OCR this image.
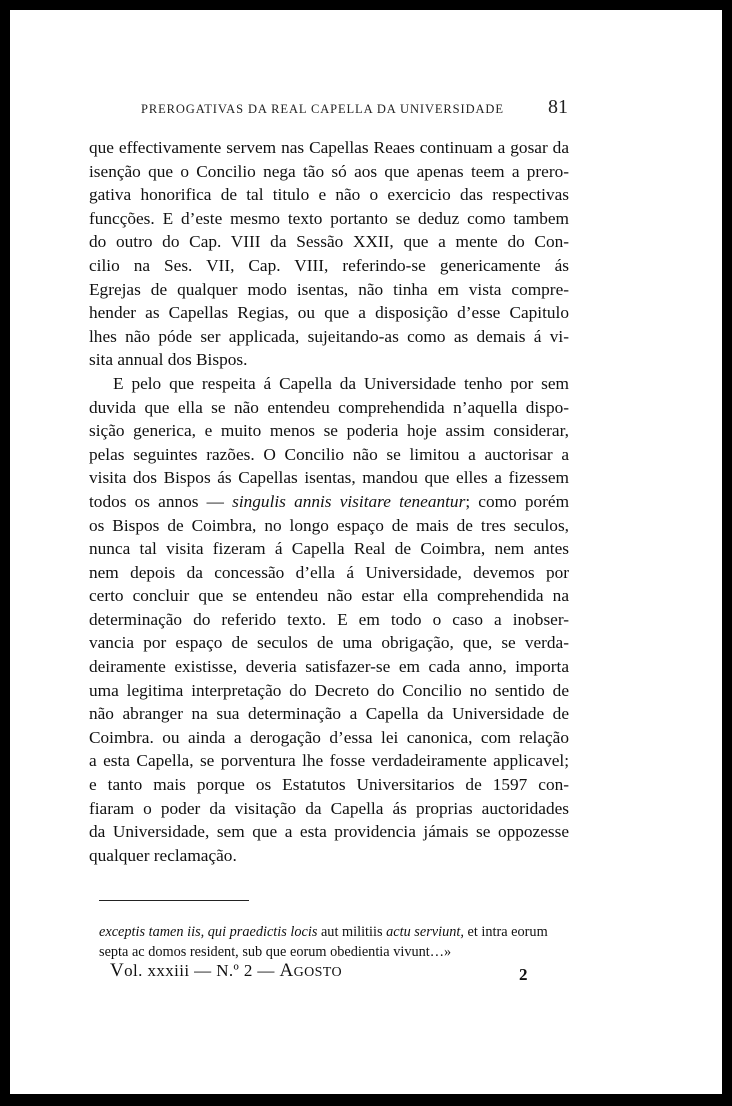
PREROGATIVAS DA REAL CAPELLA DA UNIVERSIDADE 81
que effectivamente servem nas Capellas Reaes continuam a gosar da
isenção que o Concilio nega tão só aos que apenas teem a prero-
gativa honorifica de tal titulo e não o exercicio das respectivas
funcções. E d’este mesmo texto portanto se deduz como tambem
do outro do Cap. VIII da Sessão XXII, que a mente do Con-
cilio na Ses. VII, Cap. VIII, referindo-se genericamente ás
Egrejas de qualquer modo isentas, não tinha em vista compre-
hender as Capellas Regias, ou que a disposição d’esse Capitulo
lhes não póde ser applicada, sujeitando-as como as demais á vi-
sita annual dos Bispos.
E pelo que respeita á Capella da Universidade tenho por sem
duvida que ella se não entendeu comprehendida n’aquella dispo-
sição generica, e muito menos se poderia hoje assim considerar,
pelas seguintes razões. O Concilio não se limitou a auctorisar a
visita dos Bispos ás Capellas isentas, mandou que elles a fizessem
todos os annos — singulis annis visitare teneantur; como porém
os Bispos de Coimbra, no longo espaço de mais de tres seculos,
nunca tal visita fizeram á Capella Real de Coimbra, nem antes
nem depois da concessão d’ella á Universidade, devemos por
certo concluir que se entendeu não estar ella comprehendida na
determinação do referido texto. E em todo o caso a inobser-
vancia por espaço de seculos de uma obrigação, que, se verda-
deiramente existisse, deveria satisfazer-se em cada anno, importa
uma legitima interpretação do Decreto do Concilio no sentido de
não abranger na sua determinação a Capella da Universidade de
Coimbra. ou ainda a derogação d’essa lei canonica, com relação
a esta Capella, se porventura lhe fosse verdadeiramente applicavel;
e tanto mais porque os Estatutos Universitarios de 1597 con-
fiaram o poder da visitação da Capella ás proprias auctoridades
da Universidade, sem que a esta providencia jámais se oppozesse
qualquer reclamação.
exceptis tamen iis, qui praedictis locis aut militiis actu serviunt, et intra eorum septa ac domos resident, sub que eorum obedientia vivunt…»
Vol. xxxiii — N.º 2 — AGOSTO	2
